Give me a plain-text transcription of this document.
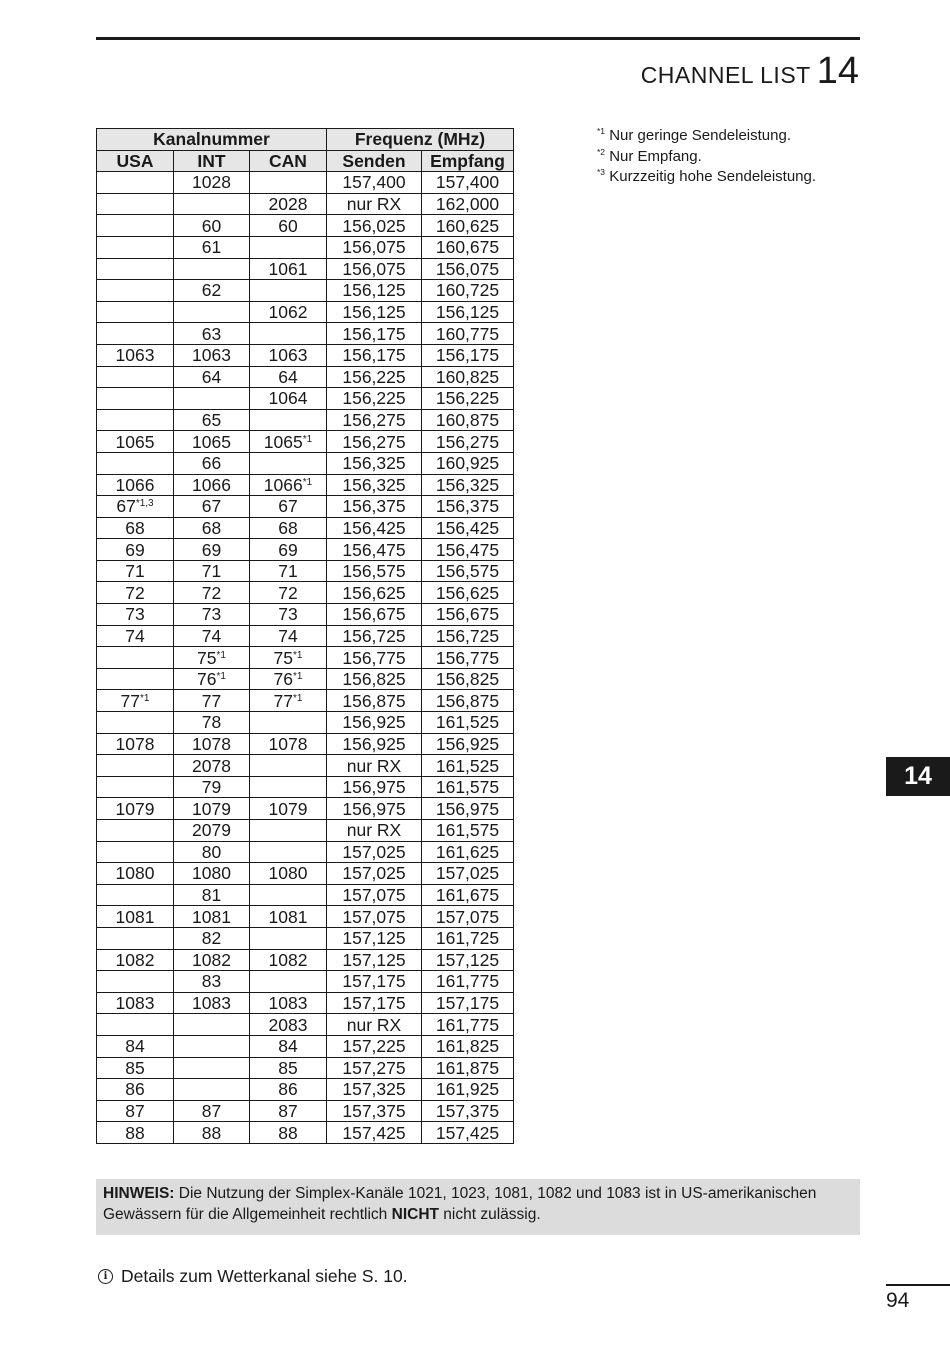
CHANNEL LIST 14
Kanalnummer			Frequenz (MHz)	
USA	INT	CAN	Senden	Empfang
	1028		157,400	157,400
		2028	nur RX	162,000
	60	60	156,025	160,625
	61		156,075	160,675
		1061	156,075	156,075
	62		156,125	160,725
		1062	156,125	156,125
	63		156,175	160,775
1063	1063	1063	156,175	156,175
	64	64	156,225	160,825
		1064	156,225	156,225
	65		156,275	160,875
1065	1065	1065$^{*1}$	156,275	156,275
	66		156,325	160,925
1066	1066	1066$^{*1}$	156,325	156,325
67$^{*1,3}$	67	67	156,375	156,375
68	68	68	156,425	156,425
69	69	69	156,475	156,475
71	71	71	156,575	156,575
72	72	72	156,625	156,625
73	73	73	156,675	156,675
74	74	74	156,725	156,725
	75$^{*1}$	75$^{*1}$	156,775	156,775
	76$^{*1}$	76$^{*1}$	156,825	156,825
77$^{*1}$	77	77$^{*1}$	156,875	156,875
	78		156,925	161,525
1078	1078	1078	156,925	156,925
	2078		nur RX	161,525
	79		156,975	161,575
1079	1079	1079	156,975	156,975
	2079		nur RX	161,575
	80		157,025	161,625
1080	1080	1080	157,025	157,025
	81		157,075	161,675
1081	1081	1081	157,075	157,075
	82		157,125	161,725
1082	1082	1082	157,125	157,125
	83		157,175	161,775
1083	1083	1083	157,175	157,175
		2083	nur RX	161,775
84		84	157,225	161,825
85		85	157,275	161,875
86		86	157,325	161,925
87	87	87	157,375	157,375
88	88	88	157,425	157,425
$^{*1}$ Nur geringe Sendeleistung.
$^{*2}$ Nur Empfang.
$^{*3}$ Kurzzeitig hohe Sendeleistung.
14
HINWEIS: Die Nutzung der Simplex-Kanäle 1021, 1023, 1081, 1082 und 1083 ist in US-amerikanischen Gewässern für die Allgemeinheit rechtlich NICHT nicht zulässig.
i Details zum Wetterkanal siehe S. 10.
94
